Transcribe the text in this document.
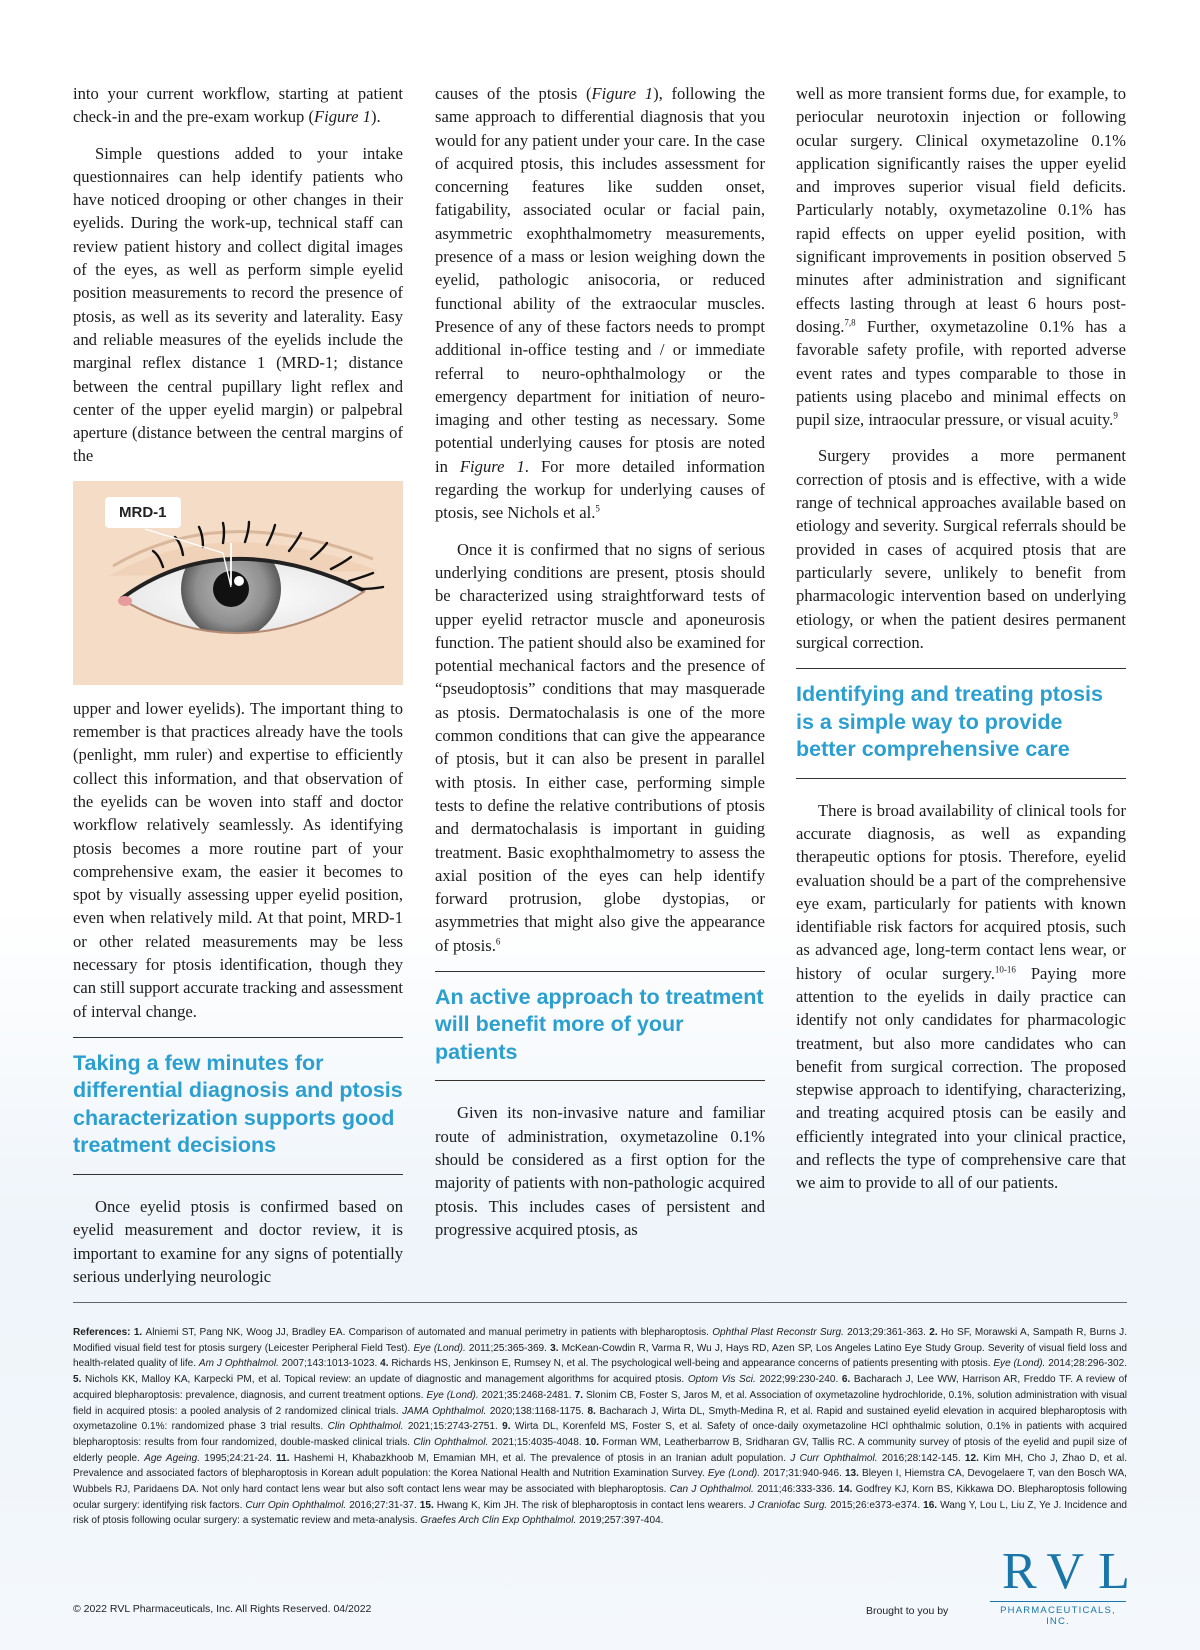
into your current workflow, starting at patient check-in and the pre-exam workup (Figure 1).

Simple questions added to your intake questionnaires can help identify patients who have noticed drooping or other changes in their eyelids. During the work-up, technical staff can review patient history and collect digital images of the eyes, as well as perform simple eyelid position measurements to record the presence of ptosis, as well as its severity and laterality. Easy and reliable measures of the eyelids include the marginal reflex distance 1 (MRD-1; distance between the central pupillary light reflex and center of the upper eyelid margin) or palpebral aperture (distance between the central margins of the

MRD-1

upper and lower eyelids). The important thing to remember is that practices already have the tools (penlight, mm ruler) and expertise to efficiently collect this information, and that observation of the eyelids can be woven into staff and doctor workflow relatively seamlessly. As identifying ptosis becomes a more routine part of your comprehensive exam, the easier it becomes to spot by visually assessing upper eyelid position, even when relatively mild. At that point, MRD-1 or other related measurements may be less necessary for ptosis identification, though they can still support accurate tracking and assessment of interval change.

Taking a few minutes for differential diagnosis and ptosis characterization supports good treatment decisions

Once eyelid ptosis is confirmed based on eyelid measurement and doctor review, it is important to examine for any signs of potentially serious underlying neurologic

causes of the ptosis (Figure 1), following the same approach to differential diagnosis that you would for any patient under your care. In the case of acquired ptosis, this includes assessment for concerning features like sudden onset, fatigability, associated ocular or facial pain, asymmetric exophthalmometry measurements, presence of a mass or lesion weighing down the eyelid, pathologic anisocoria, or reduced functional ability of the extraocular muscles. Presence of any of these factors needs to prompt additional in-office testing and / or immediate referral to neuro-ophthalmology or the emergency department for initiation of neuro-imaging and other testing as necessary. Some potential underlying causes for ptosis are noted in Figure 1. For more detailed information regarding the workup for underlying causes of ptosis, see Nichols et al.$^5$

Once it is confirmed that no signs of serious underlying conditions are present, ptosis should be characterized using straightforward tests of upper eyelid retractor muscle and aponeurosis function. The patient should also be examined for potential mechanical factors and the presence of “pseudoptosis” conditions that may masquerade as ptosis. Dermatochalasis is one of the more common conditions that can give the appearance of ptosis, but it can also be present in parallel with ptosis. In either case, performing simple tests to define the relative contributions of ptosis and dermatochalasis is important in guiding treatment. Basic exophthalmometry to assess the axial position of the eyes can help identify forward protrusion, globe dystopias, or asymmetries that might also give the appearance of ptosis.$^6$

An active approach to treatment will benefit more of your patients

Given its non-invasive nature and familiar route of administration, oxymetazoline 0.1% should be considered as a first option for the majority of patients with non-pathologic acquired ptosis. This includes cases of persistent and progressive acquired ptosis, as

well as more transient forms due, for example, to periocular neurotoxin injection or following ocular surgery. Clinical oxymetazoline 0.1% application significantly raises the upper eyelid and improves superior visual field deficits. Particularly notably, oxymetazoline 0.1% has rapid effects on upper eyelid position, with significant improvements in position observed 5 minutes after administration and significant effects lasting through at least 6 hours post-dosing.$^{7,8}$ Further, oxymetazoline 0.1% has a favorable safety profile, with reported adverse event rates and types comparable to those in patients using placebo and minimal effects on pupil size, intraocular pressure, or visual acuity.$^9$

Surgery provides a more permanent correction of ptosis and is effective, with a wide range of technical approaches available based on etiology and severity. Surgical referrals should be provided in cases of acquired ptosis that are particularly severe, unlikely to benefit from pharmacologic intervention based on underlying etiology, or when the patient desires permanent surgical correction.

Identifying and treating ptosis is a simple way to provide better comprehensive care

There is broad availability of clinical tools for accurate diagnosis, as well as expanding therapeutic options for ptosis. Therefore, eyelid evaluation should be a part of the comprehensive eye exam, particularly for patients with known identifiable risk factors for acquired ptosis, such as advanced age, long-term contact lens wear, or history of ocular surgery.$^{10-16}$ Paying more attention to the eyelids in daily practice can identify not only candidates for pharmacologic treatment, but also more candidates who can benefit from surgical correction. The proposed stepwise approach to identifying, characterizing, and treating acquired ptosis can be easily and efficiently integrated into your clinical practice, and reflects the type of comprehensive care that we aim to provide to all of our patients.

References: 1. Alniemi ST, Pang NK, Woog JJ, Bradley EA. Comparison of automated and manual perimetry in patients with blepharoptosis. Ophthal Plast Reconstr Surg. 2013;29:361-363. 2. Ho SF, Morawski A, Sampath R, Burns J. Modified visual field test for ptosis surgery (Leicester Peripheral Field Test). Eye (Lond). 2011;25:365-369. 3. McKean-Cowdin R, Varma R, Wu J, Hays RD, Azen SP, Los Angeles Latino Eye Study Group. Severity of visual field loss and health-related quality of life. Am J Ophthalmol. 2007;143:1013-1023. 4. Richards HS, Jenkinson E, Rumsey N, et al. The psychological well-being and appearance concerns of patients presenting with ptosis. Eye (Lond). 2014;28:296-302. 5. Nichols KK, Malloy KA, Karpecki PM, et al. Topical review: an update of diagnostic and management algorithms for acquired ptosis. Optom Vis Sci. 2022;99:230-240. 6. Bacharach J, Lee WW, Harrison AR, Freddo TF. A review of acquired blepharoptosis: prevalence, diagnosis, and current treatment options. Eye (Lond). 2021;35:2468-2481. 7. Slonim CB, Foster S, Jaros M, et al. Association of oxymetazoline hydrochloride, 0.1%, solution administration with visual field in acquired ptosis: a pooled analysis of 2 randomized clinical trials. JAMA Ophthalmol. 2020;138:1168-1175. 8. Bacharach J, Wirta DL, Smyth-Medina R, et al. Rapid and sustained eyelid elevation in acquired blepharoptosis with oxymetazoline 0.1%: randomized phase 3 trial results. Clin Ophthalmol. 2021;15:2743-2751. 9. Wirta DL, Korenfeld MS, Foster S, et al. Safety of once-daily oxymetazoline HCl ophthalmic solution, 0.1% in patients with acquired blepharoptosis: results from four randomized, double-masked clinical trials. Clin Ophthalmol. 2021;15:4035-4048. 10. Forman WM, Leatherbarrow B, Sridharan GV, Tallis RC. A community survey of ptosis of the eyelid and pupil size of elderly people. Age Ageing. 1995;24:21-24. 11. Hashemi H, Khabazkhoob M, Emamian MH, et al. The prevalence of ptosis in an Iranian adult population. J Curr Ophthalmol. 2016;28:142-145. 12. Kim MH, Cho J, Zhao D, et al. Prevalence and associated factors of blepharoptosis in Korean adult population: the Korea National Health and Nutrition Examination Survey. Eye (Lond). 2017;31:940-946. 13. Bleyen I, Hiemstra CA, Devogelaere T, van den Bosch WA, Wubbels RJ, Paridaens DA. Not only hard contact lens wear but also soft contact lens wear may be associated with blepharoptosis. Can J Ophthalmol. 2011;46:333-336. 14. Godfrey KJ, Korn BS, Kikkawa DO. Blepharoptosis following ocular surgery: identifying risk factors. Curr Opin Ophthalmol. 2016;27:31-37. 15. Hwang K, Kim JH. The risk of blepharoptosis in contact lens wearers. J Craniofac Surg. 2015;26:e373-e374. 16. Wang Y, Lou L, Liu Z, Ye J. Incidence and risk of ptosis following ocular surgery: a systematic review and meta-analysis. Graefes Arch Clin Exp Ophthalmol. 2019;257:397-404.
© 2022 RVL Pharmaceuticals, Inc. All Rights Reserved. 04/2022	Brought to you by
RVL
PHARMACEUTICALS, INC.
